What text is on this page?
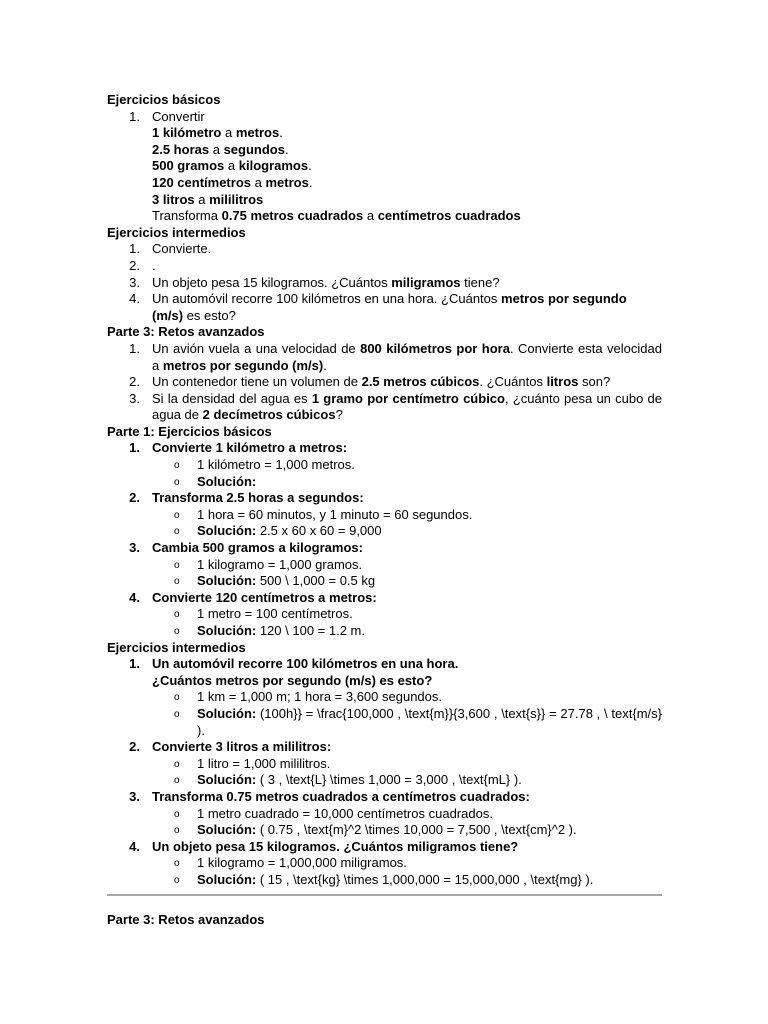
Ejercicios básicos
1. Convertir
1 kilómetro a metros.
2.5 horas a segundos.
500 gramos a kilogramos.
120 centímetros a metros.
3 litros a mililitros
Transforma 0.75 metros cuadrados a centímetros cuadrados
Ejercicios intermedios
1. Convierte.
2. .
3. Un objeto pesa 15 kilogramos. ¿Cuántos miligramos tiene?
4. Un automóvil recorre 100 kilómetros en una hora. ¿Cuántos metros por segundo
(m/s) es esto?
Parte 3: Retos avanzados
1. Un avión vuela a una velocidad de 800 kilómetros por hora. Convierte esta velocidad a metros por segundo (m/s).
2. Un contenedor tiene un volumen de 2.5 metros cúbicos. ¿Cuántos litros son?
3. Si la densidad del agua es 1 gramo por centímetro cúbico, ¿cuánto pesa un cubo de agua de 2 decímetros cúbicos?
Parte 1: Ejercicios básicos
1. Convierte 1 kilómetro a metros:
o 1 kilómetro = 1,000 metros.
o Solución:
2. Transforma 2.5 horas a segundos:
o 1 hora = 60 minutos, y 1 minuto = 60 segundos.
o Solución: 2.5 x 60 x 60 = 9,000
3. Cambia 500 gramos a kilogramos:
o 1 kilogramo = 1,000 gramos.
o Solución: 500 \ 1,000 = 0.5 kg
4. Convierte 120 centímetros a metros:
o 1 metro = 100 centímetros.
o Solución: 120 \ 100 = 1.2 m.
Ejercicios intermedios
1. Un automóvil recorre 100 kilómetros en una hora.
¿Cuántos metros por segundo (m/s) es esto?
o 1 km = 1,000 m; 1 hora = 3,600 segundos.
o Solución: (100h}} = \frac{100,000 , \text{m}}{3,600 , \text{s}} = 27.78 , \ text{m/s} ).
2. Convierte 3 litros a mililitros:
o 1 litro = 1,000 mililitros.
o Solución: ( 3 , \text{L} \times 1,000 = 3,000 , \text{mL} ).
3. Transforma 0.75 metros cuadrados a centímetros cuadrados:
o 1 metro cuadrado = 10,000 centímetros cuadrados.
o Solución: ( 0.75 , \text{m}^2 \times 10,000 = 7,500 , \text{cm}^2 ).
4. Un objeto pesa 15 kilogramos. ¿Cuántos miligramos tiene?
o 1 kilogramo = 1,000,000 miligramos.
o Solución: ( 15 , \text{kg} \times 1,000,000 = 15,000,000 , \text{mg} ).
Parte 3: Retos avanzados
